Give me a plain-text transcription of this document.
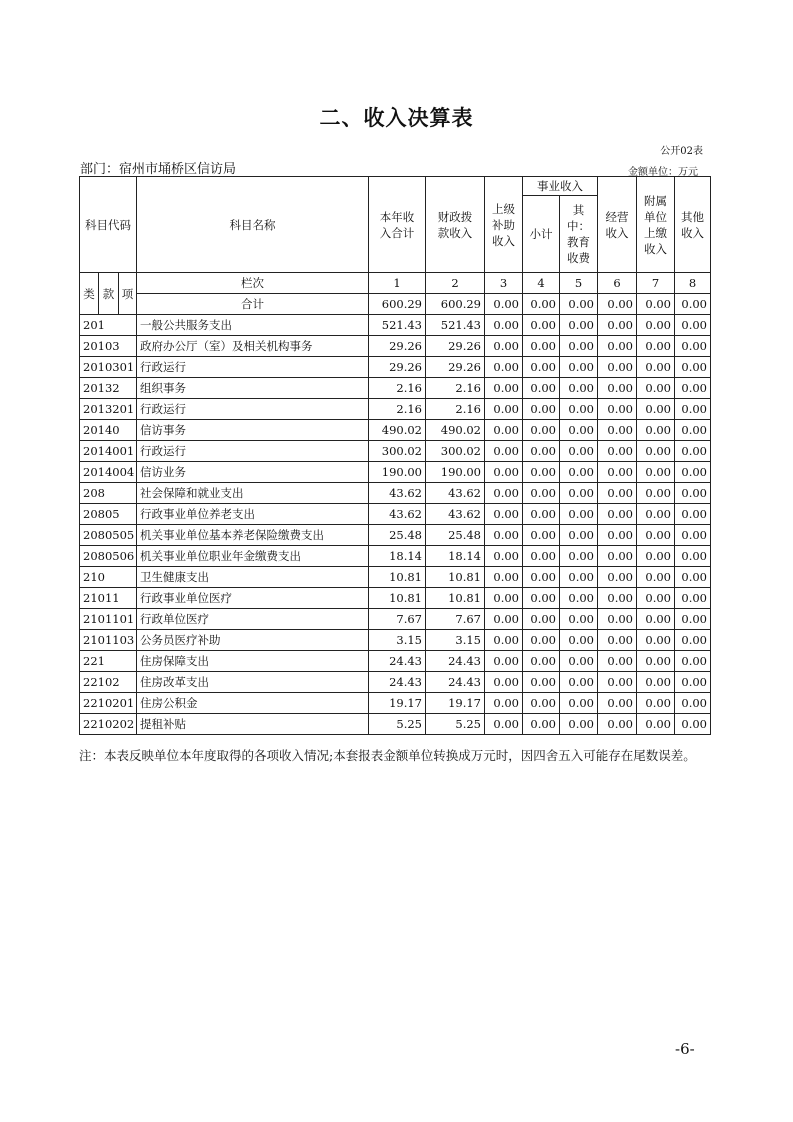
二、收入决算表
公开02表
部门：宿州市埇桥区信访局	金额单位：万元
科目代码			科目名称	本年收入合计	财政拨款收入	上级补助收入	事业收入		经营收入	附属单位上缴收入	其他收入
							小计	其中：教育收费			
类	款	项	栏次	1	2	3	4	5	6	7	8
			合计	600.29	600.29	0.00	0.00	0.00	0.00	0.00	0.00
201			一般公共服务支出	521.43	521.43	0.00	0.00	0.00	0.00	0.00	0.00
20103			政府办公厅（室）及相关机构事务	29.26	29.26	0.00	0.00	0.00	0.00	0.00	0.00
2010301			行政运行	29.26	29.26	0.00	0.00	0.00	0.00	0.00	0.00
20132			组织事务	2.16	2.16	0.00	0.00	0.00	0.00	0.00	0.00
2013201			行政运行	2.16	2.16	0.00	0.00	0.00	0.00	0.00	0.00
20140			信访事务	490.02	490.02	0.00	0.00	0.00	0.00	0.00	0.00
2014001			行政运行	300.02	300.02	0.00	0.00	0.00	0.00	0.00	0.00
2014004			信访业务	190.00	190.00	0.00	0.00	0.00	0.00	0.00	0.00
208			社会保障和就业支出	43.62	43.62	0.00	0.00	0.00	0.00	0.00	0.00
20805			行政事业单位养老支出	43.62	43.62	0.00	0.00	0.00	0.00	0.00	0.00
2080505			机关事业单位基本养老保险缴费支出	25.48	25.48	0.00	0.00	0.00	0.00	0.00	0.00
2080506			机关事业单位职业年金缴费支出	18.14	18.14	0.00	0.00	0.00	0.00	0.00	0.00
210			卫生健康支出	10.81	10.81	0.00	0.00	0.00	0.00	0.00	0.00
21011			行政事业单位医疗	10.81	10.81	0.00	0.00	0.00	0.00	0.00	0.00
2101101			行政单位医疗	7.67	7.67	0.00	0.00	0.00	0.00	0.00	0.00
2101103			公务员医疗补助	3.15	3.15	0.00	0.00	0.00	0.00	0.00	0.00
221			住房保障支出	24.43	24.43	0.00	0.00	0.00	0.00	0.00	0.00
22102			住房改革支出	24.43	24.43	0.00	0.00	0.00	0.00	0.00	0.00
2210201			住房公积金	19.17	19.17	0.00	0.00	0.00	0.00	0.00	0.00
2210202			提租补贴	5.25	5.25	0.00	0.00	0.00	0.00	0.00	0.00
注：本表反映单位本年度取得的各项收入情况;本套报表金额单位转换成万元时，因四舍五入可能存在尾数误差。
-6-
